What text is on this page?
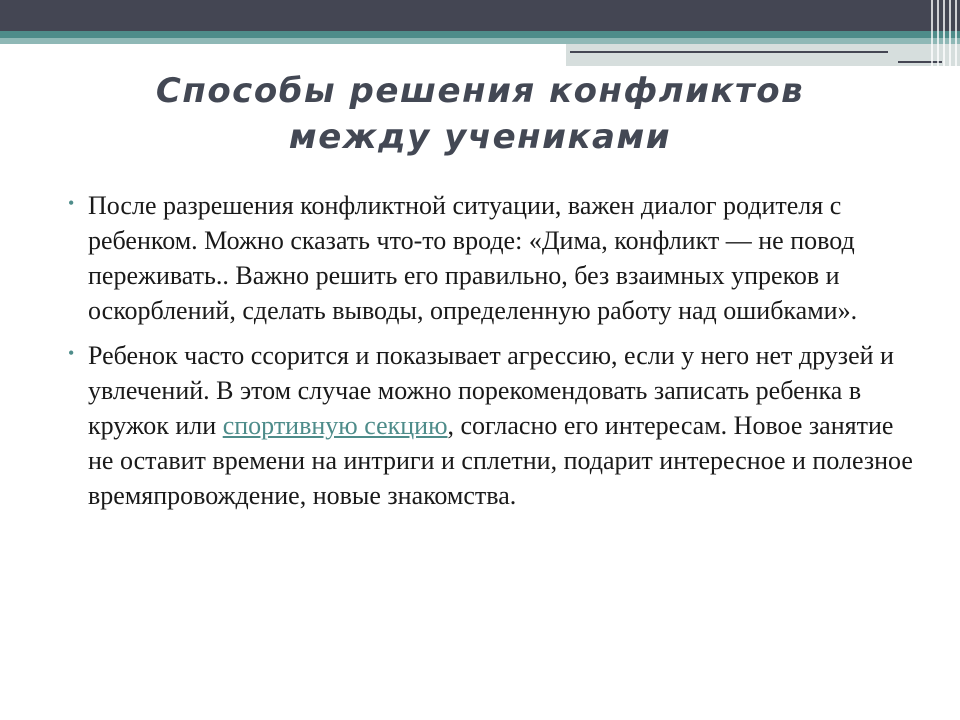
Способы решения конфликтов
между учениками
• После разрешения конфликтной ситуации, важен диалог родителя с ребенком. Можно сказать что-то вроде: «Дима, конфликт — не повод переживать.. Важно решить его правильно, без взаимных упреков и оскорблений, сделать выводы, определенную работу над ошибками».
• Ребенок часто ссорится и показывает агрессию, если у него нет друзей и увлечений. В этом случае можно порекомендовать записать ребенка в кружок или спортивную секцию, согласно его интересам. Новое занятие не оставит времени на интриги и сплетни, подарит интересное и полезное времяпровождение, новые знакомства.
